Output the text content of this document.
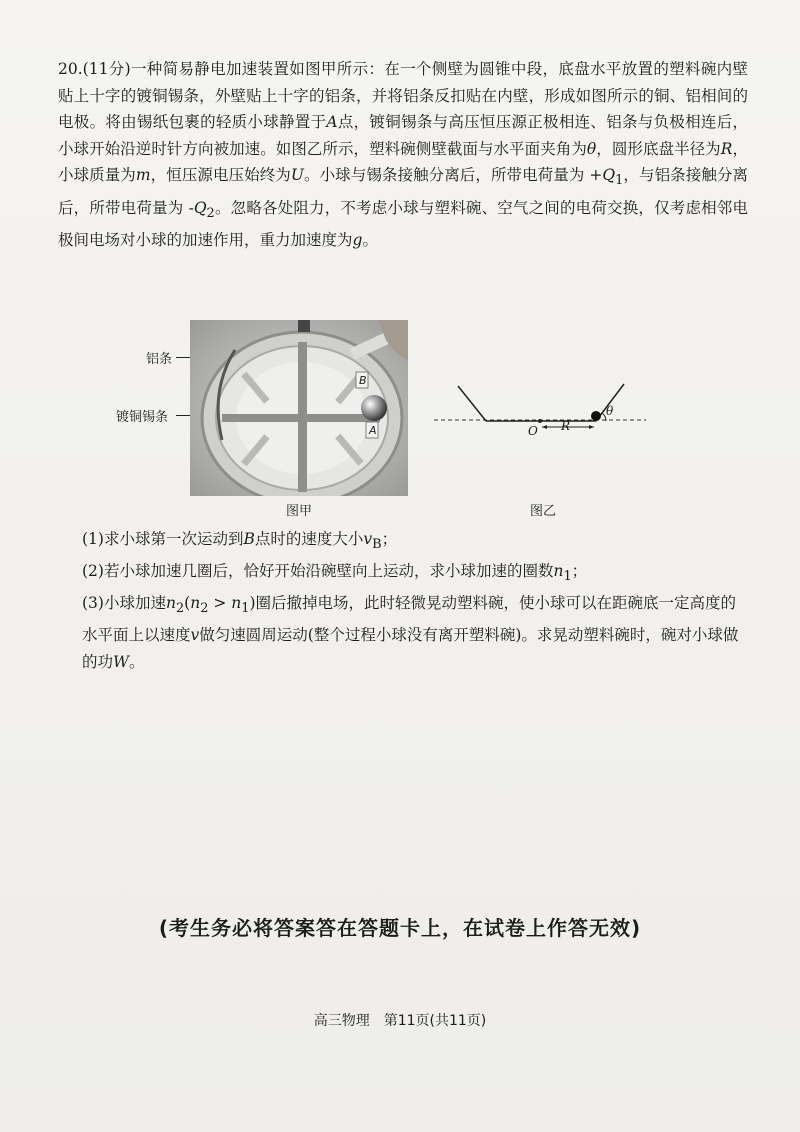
20.(11分)一种简易静电加速装置如图甲所示：在一个侧壁为圆锥中段，底盘水平放置的塑料碗内壁贴上十字的镀铜锡条，外壁贴上十字的铝条，并将铝条反扣贴在内壁，形成如图所示的铜、铝相间的电极。将由锡纸包裹的轻质小球静置于A点，镀铜锡条与高压恒压源正极相连、铝条与负极相连后，小球开始沿逆时针方向被加速。如图乙所示，塑料碗侧壁截面与水平面夹角为θ，圆形底盘半径为R，小球质量为m，恒压源电压始终为U。小球与锡条接触分离后，所带电荷量为 $+Q_1$，与铝条接触分离后，所带电荷量为 $-Q_2$。忽略各处阻力，不考虑小球与塑料碗、空气之间的电荷交换，仅考虑相邻电极间电场对小球的加速作用，重力加速度为g。
铝条
镀铜锡条
B
A
图甲
O R
θ
图乙
(1)求小球第一次运动到B点时的速度大小$v_B$；
(2)若小球加速几圈后，恰好开始沿碗壁向上运动，求小球加速的圈数$n_1$；
(3)小球加速$n_2(n_2 > n_1)$圈后撤掉电场，此时轻微晃动塑料碗，使小球可以在距碗底一定高度的水平面上以速度v做匀速圆周运动(整个过程小球没有离开塑料碗)。求晃动塑料碗时，碗对小球做的功W。
(考生务必将答案答在答题卡上，在试卷上作答无效)
高三物理　第11页(共11页)
